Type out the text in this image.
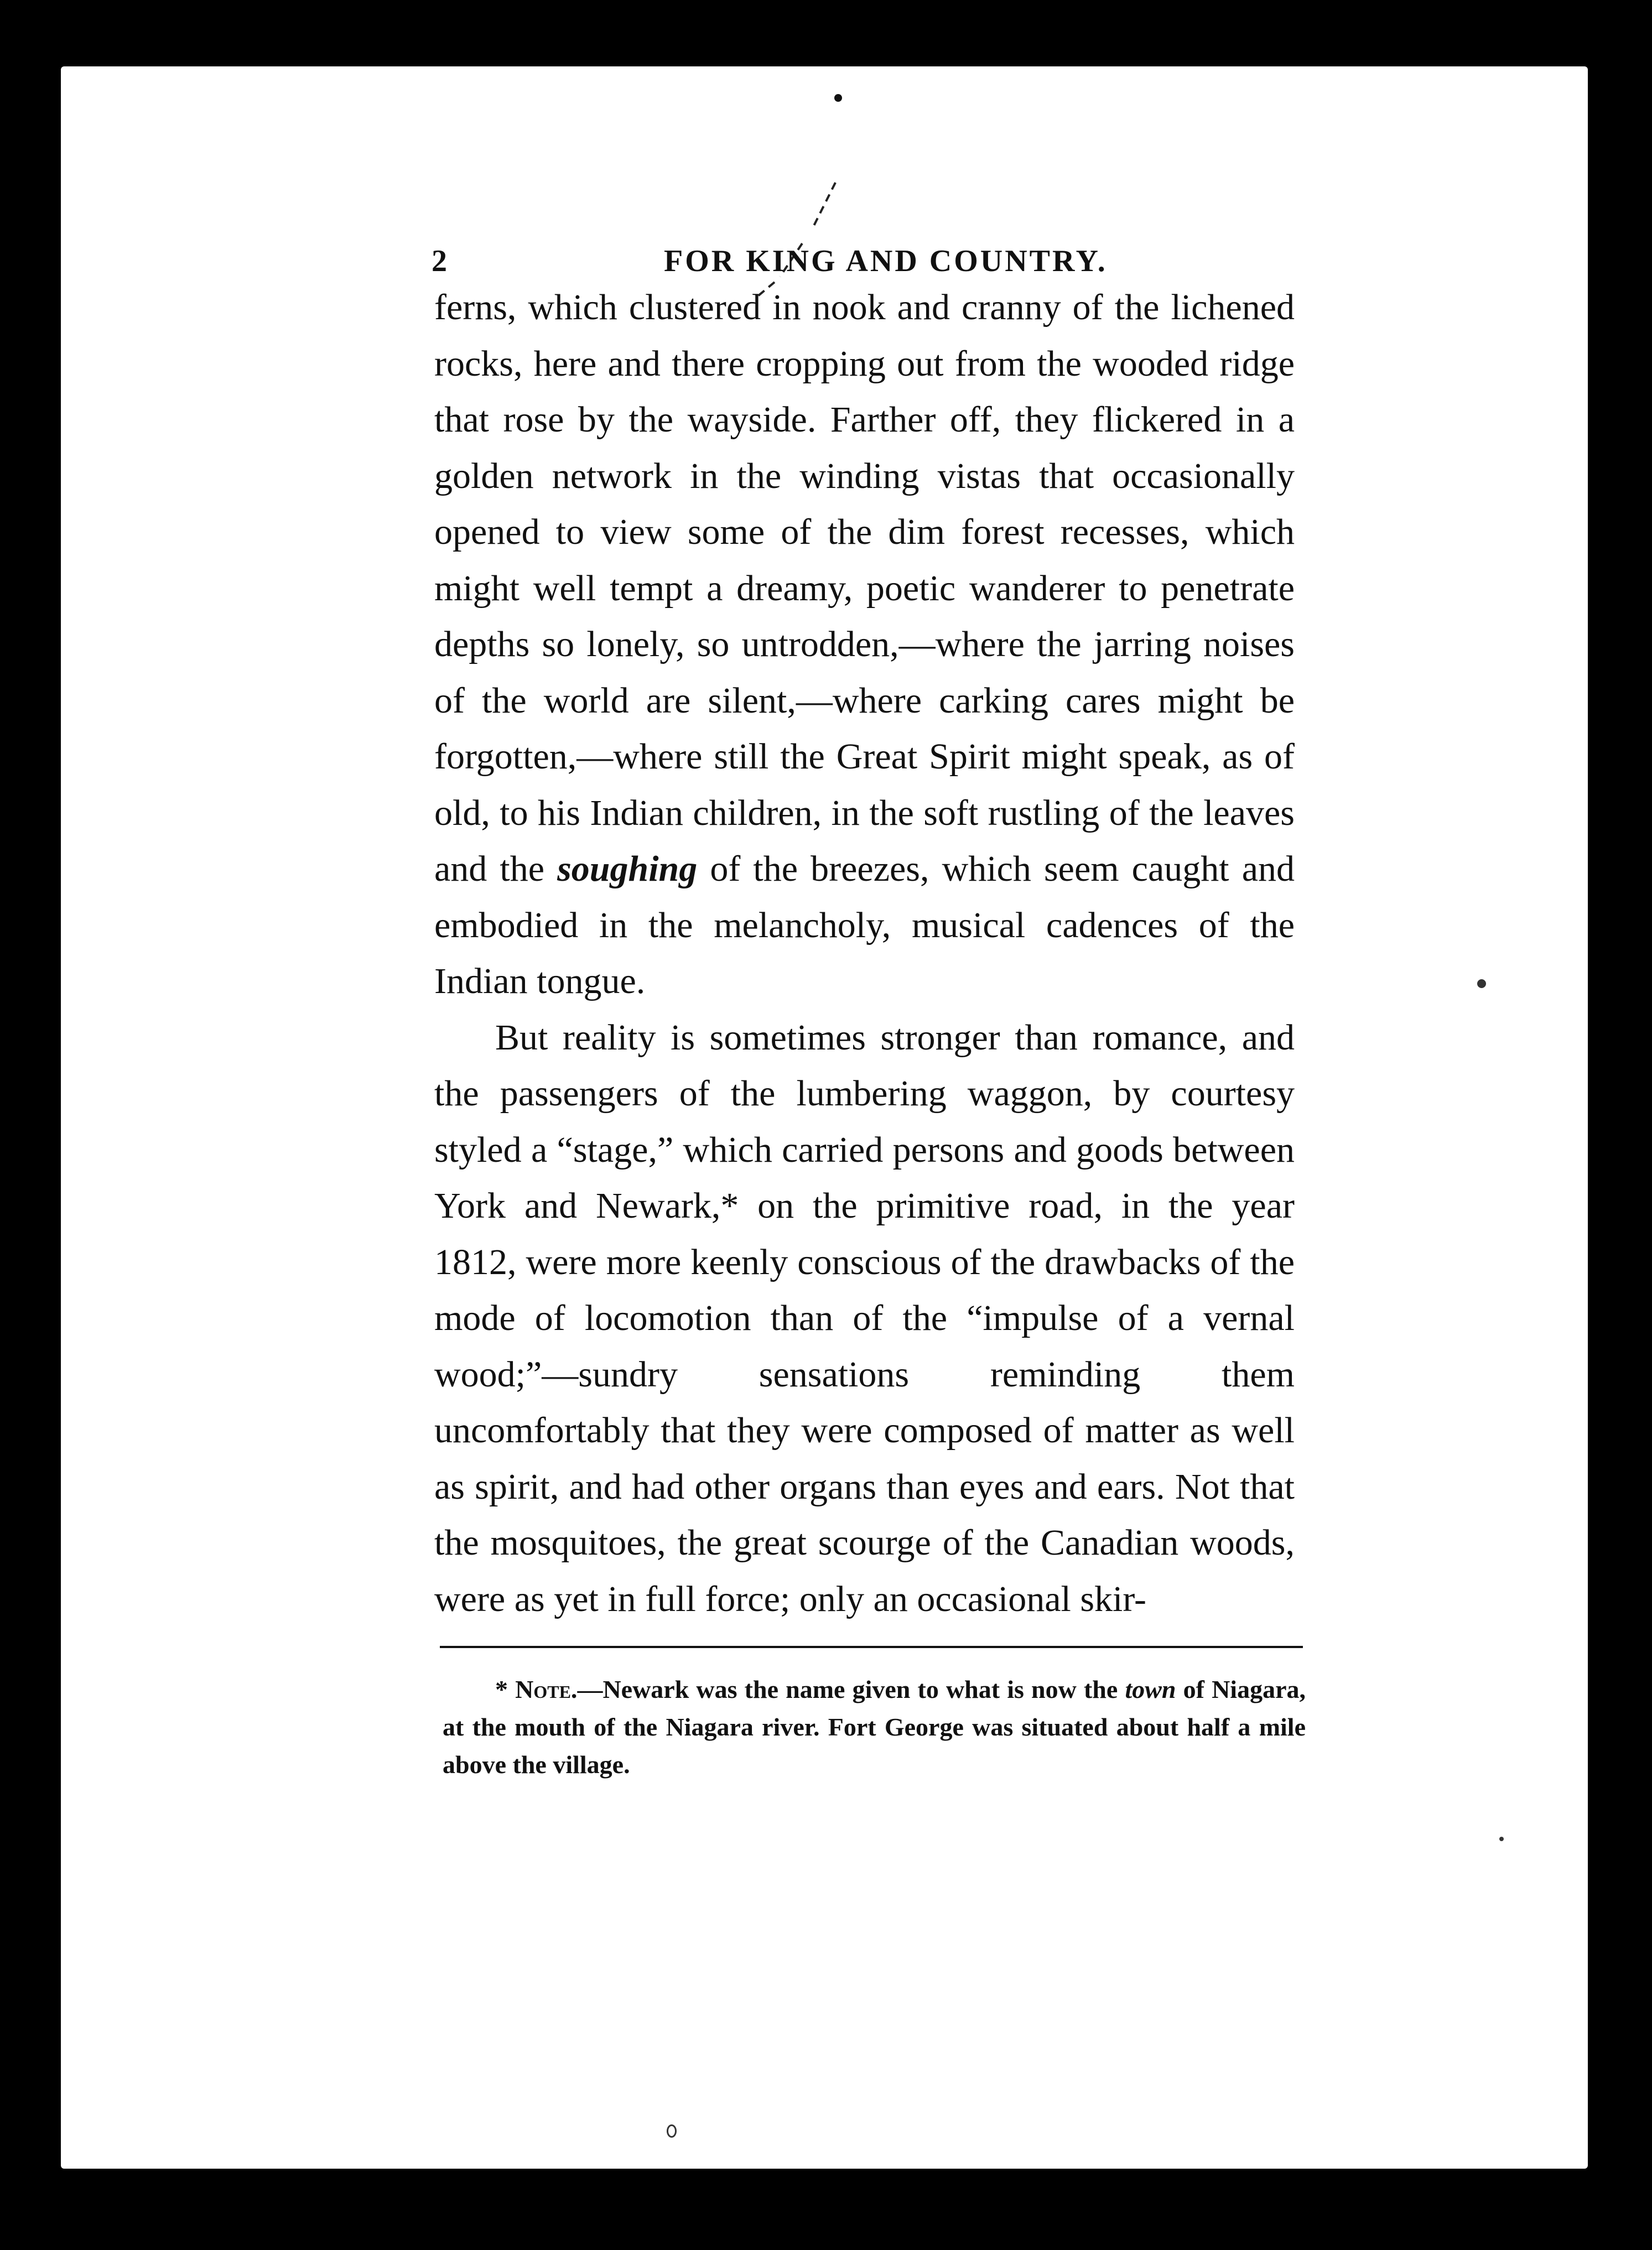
2	FOR KING AND COUNTRY.

ferns, which clustered in nook and cranny of the lichened rocks, here and there cropping out from the wooded ridge that rose by the wayside. Farther off, they flickered in a golden network in the winding vistas that occasionally opened to view some of the dim forest recesses, which might well tempt a dreamy, poetic wanderer to penetrate depths so lonely, so untrodden,—where the jarring noises of the world are silent,—where carking cares might be forgotten,—where still the Great Spirit might speak, as of old, to his Indian children, in the soft rustling of the leaves and the soughing of the breezes, which seem caught and embodied in the melancholy, musical cadences of the Indian tongue.

But reality is sometimes stronger than romance, and the passengers of the lumbering waggon, by courtesy styled a “stage,” which carried persons and goods between York and Newark,* on the primitive road, in the year 1812, were more keenly conscious of the drawbacks of the mode of locomotion than of the “impulse of a vernal wood;”—sundry sensations reminding them uncomfortably that they were composed of matter as well as spirit, and had other organs than eyes and ears. Not that the mosquitoes, the great scourge of the Canadian woods, were as yet in full force; only an occasional skir-

* Note.—Newark was the name given to what is now the town of Niagara, at the mouth of the Niagara river. Fort George was situated about half a mile above the village.
